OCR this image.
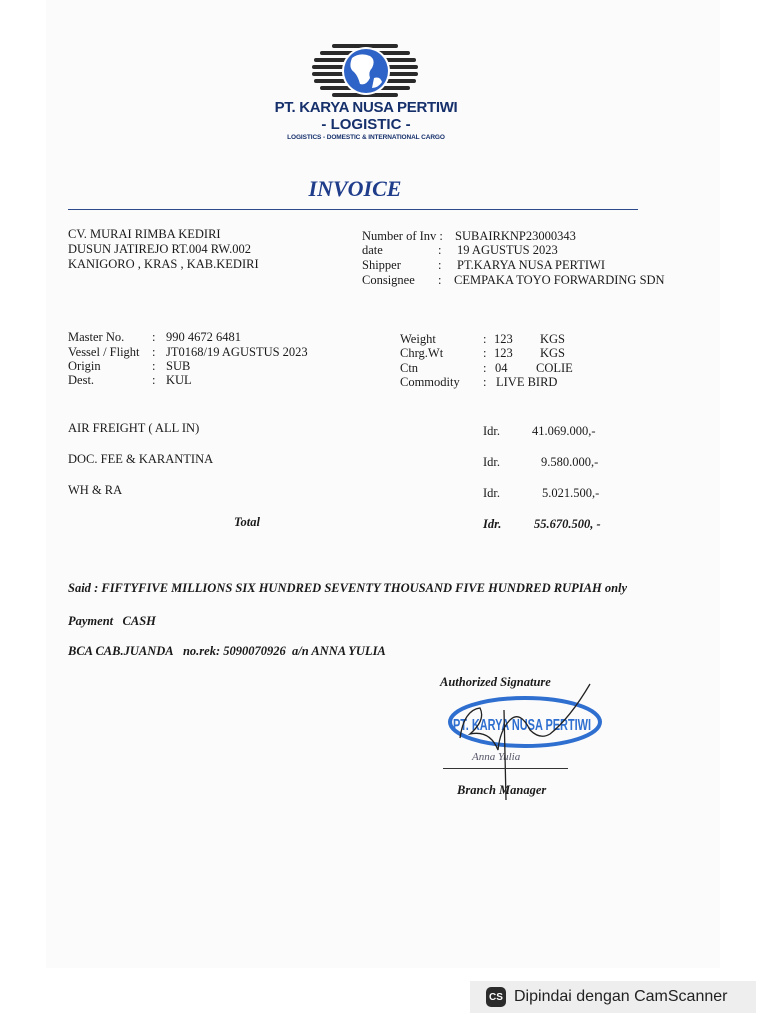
PT. KARYA NUSA PERTIWI
- LOGISTIC -
LOGISTICS - DOMESTIC & INTERNATIONAL CARGO
INVOICE
CV. MURAI RIMBA KEDIRI
DUSUN JATIREJO RT.004 RW.002
KANIGORO , KRAS , KAB.KEDIRI
Number of Inv : SUBAIRKNP23000343
date	: 19 AGUSTUS 2023
Shipper	: PT.KARYA NUSA PERTIWI
Consignee : CEMPAKA TOYO FORWARDING SDN
Master No. : 990 4672 6481
Vessel / Flight : JT0168/19 AGUSTUS 2023
Origin	: SUB
Dest.	: KUL
Weight	: 123 KGS
Chrg.Wt	: 123 KGS
Ctn	: 04 COLIE
Commodity : LIVE BIRD
AIR FREIGHT ( ALL IN)	Idr.	41.069.000,-
DOC. FEE & KARANTINA	Idr.	9.580.000,-
WH & RA	Idr.	5.021.500,-
Total	Idr.	55.670.500, -
Said : FIFTYFIVE MILLIONS SIX HUNDRED SEVENTY THOUSAND FIVE HUNDRED RUPIAH only
Payment CASH
BCA CAB.JUANDA no.rek: 5090070926 a/n ANNA YULIA
Authorized Signature
PT. KARYA NUSA PERTIWI
Anna Yulia
Branch Manager
CS Dipindai dengan CamScanner
